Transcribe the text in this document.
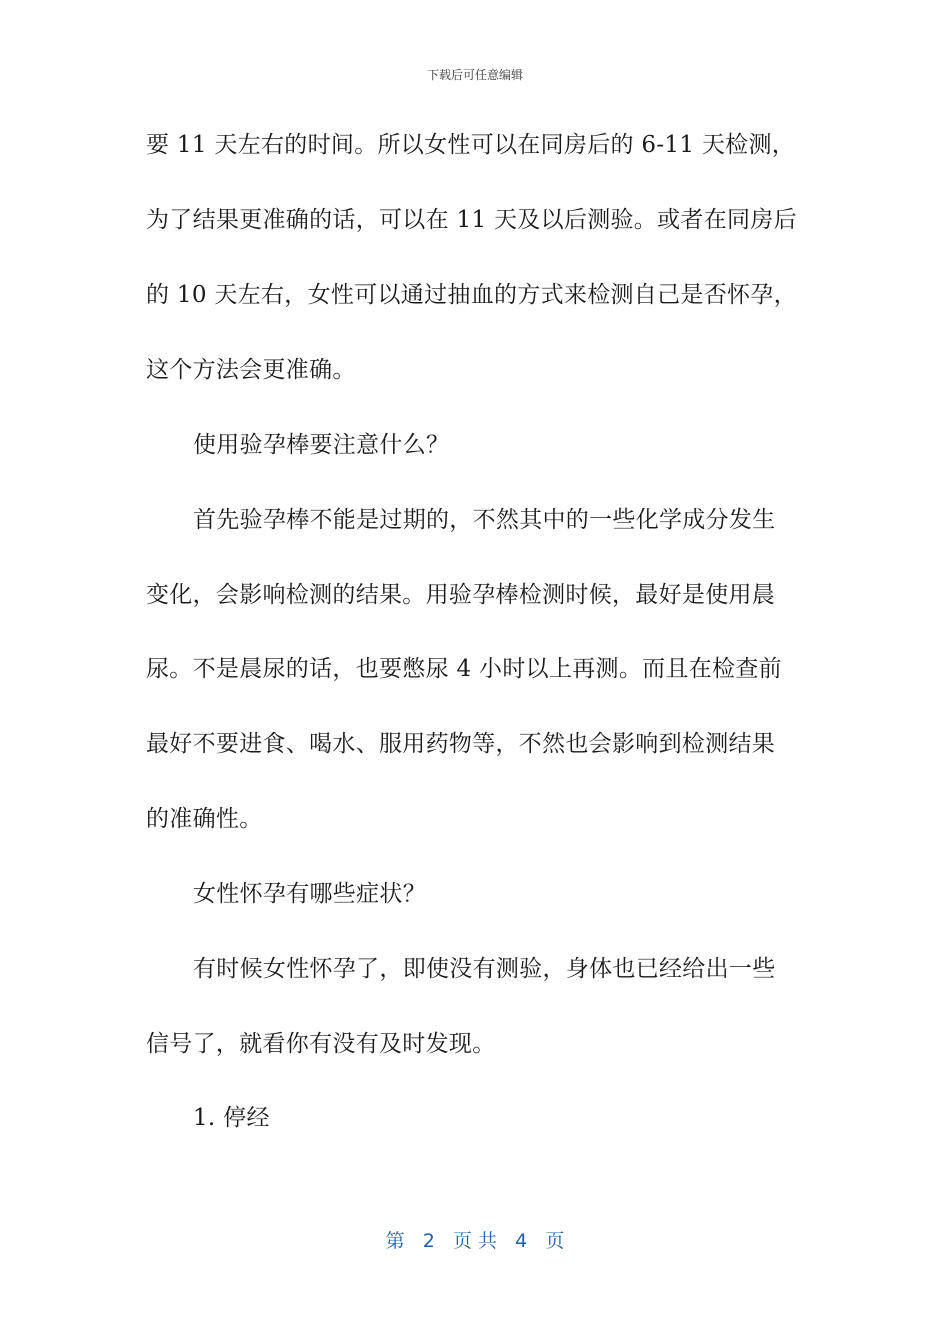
下载后可任意编辑
要 11 天左右的时间。所以女性可以在同房后的 6-11 天检测，
为了结果更准确的话，可以在 11 天及以后测验。或者在同房后
的 10 天左右，女性可以通过抽血的方式来检测自己是否怀孕，
这个方法会更准确。
使用验孕棒要注意什么？
首先验孕棒不能是过期的，不然其中的一些化学成分发生
变化，会影响检测的结果。用验孕棒检测时候，最好是使用晨
尿。不是晨尿的话，也要憋尿 4 小时以上再测。而且在检查前
最好不要进食、喝水、服用药物等，不然也会影响到检测结果
的准确性。
女性怀孕有哪些症状？
有时候女性怀孕了，即使没有测验，身体也已经给出一些
信号了，就看你有没有及时发现。
1. 停经
第 2 页 共 4 页
